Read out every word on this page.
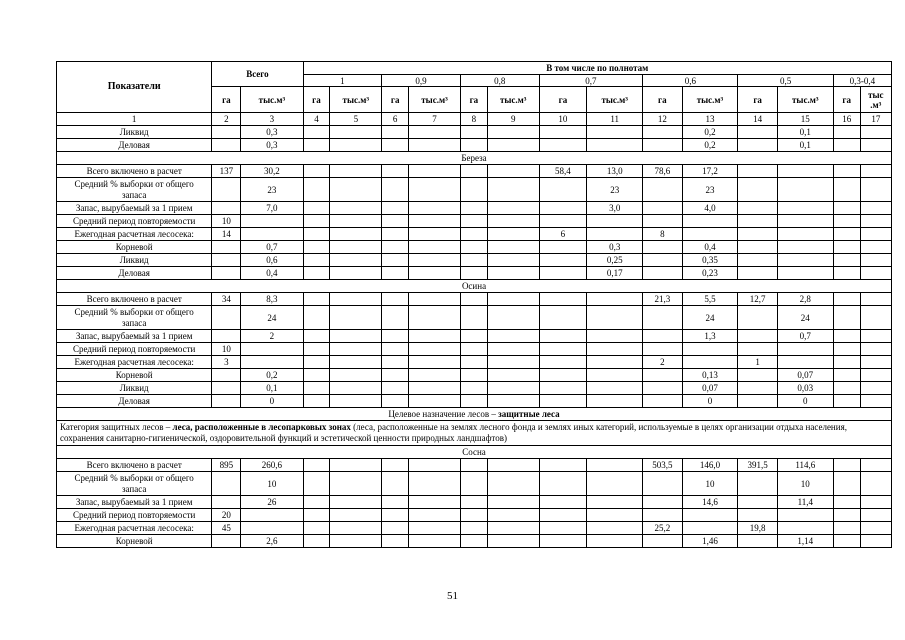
Показатели	Всего		В том числе по полнотам													
			1		0,9		0,8		0,7		0,6		0,5		0,3-0,4	
	га	тыс.м³	га	тыс.м³	га	тыс.м³	га	тыс.м³	га	тыс.м³	га	тыс.м³	га	тыс.м³	га	тыс .м³
1	2	3	4	5	6	7	8	9	10	11	12	13	14	15	16	17
Ликвид		0,3										0,2		0,1		
Деловая		0,3										0,2		0,1		
Береза																
Всего включено в расчет	137	30,2							58,4	13,0	78,6	17,2				
Средний % выборки от общего запаса		23								23		23				
Запас, вырубаемый за 1 прием		7,0								3,0		4,0				
Средний период повторяемости	10															
Ежегодная расчетная лесосека:	14								6		8					
Корневой		0,7								0,3		0,4				
Ликвид		0,6								0,25		0,35				
Деловая		0,4								0,17		0,23				
Осина																
Всего включено в расчет	34	8,3									21,3	5,5	12,7	2,8		
Средний % выборки от общего запаса		24										24		24		
Запас, вырубаемый за 1 прием		2										1,3		0,7		
Средний период повторяемости	10															
Ежегодная расчетная лесосека:	3										2		1			
Корневой		0,2										0,13		0,07		
Ликвид		0,1										0,07		0,03		
Деловая		0										0		0		
Целевое назначение лесов – защитные леса																
Категория защитных лесов – леса, расположенные в лесопарковых зонах (леса, расположенные на землях лесного фонда и землях иных категорий, используемые в целях организации отдыха населения, сохранения санитарно-гигиенической, оздоровительной функций и эстетической ценности природных ландшафтов)																
Сосна																
Всего включено в расчет	895	260,6									503,5	146,0	391,5	114,6		
Средний % выборки от общего запаса		10										10		10		
Запас, вырубаемый за 1 прием		26										14,6		11,4		
Средний период повторяемости	20															
Ежегодная расчетная лесосека:	45										25,2		19,8			
Корневой		2,6										1,46		1,14		
51
